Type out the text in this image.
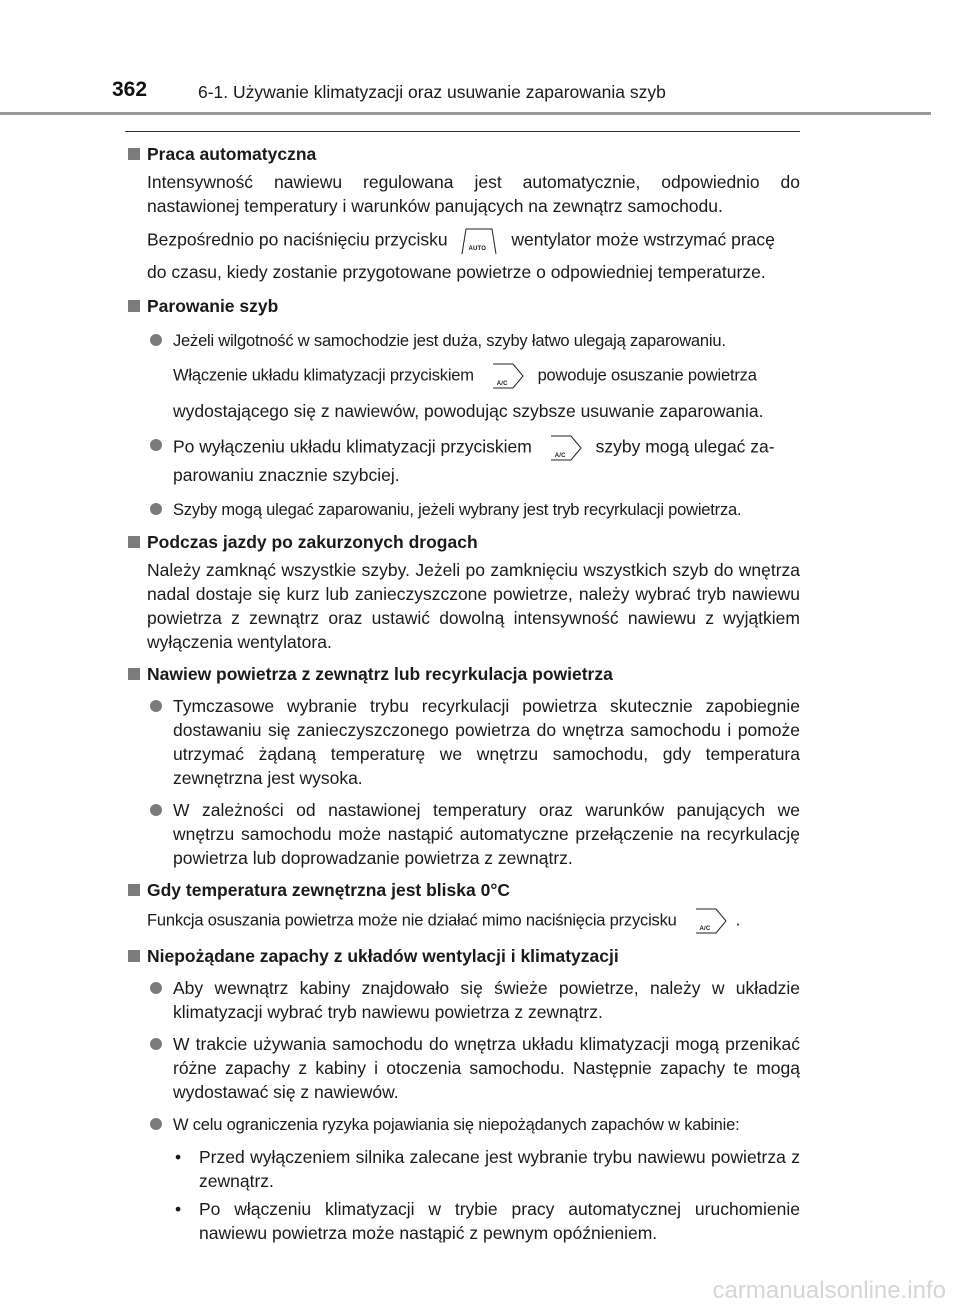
362	6-1. Używanie klimatyzacji oraz usuwanie zaparowania szyb

Praca automatyczna

Intensywność nawiewu regulowana jest automatycznie, odpowiednio do nastawionej temperatury i warunków panujących na zewnątrz samochodu.

Bezpośrednio po naciśnięciu przycisku	AUTO wentylator może wstrzymać pracę

do czasu, kiedy zostanie przygotowane powietrze o odpowiedniej temperaturze.

Parowanie szyb

Jeżeli wilgotność w samochodzie jest duża, szyby łatwo ulegają zaparowaniu.

Włączenie układu klimatyzacji przyciskiem	A/C powoduje osuszanie powietrza

wydostającego się z nawiewów, powodując szybsze usuwanie zaparowania.

Po wyłączeniu układu klimatyzacji przyciskiem	A/C szyby mogą ulegać za-

parowaniu znacznie szybciej.

Szyby mogą ulegać zaparowaniu, jeżeli wybrany jest tryb recyrkulacji powietrza.

Podczas jazdy po zakurzonych drogach

Należy zamknąć wszystkie szyby. Jeżeli po zamknięciu wszystkich szyb do wnętrza nadal dostaje się kurz lub zanieczyszczone powietrze, należy wybrać tryb nawiewu powietrza z zewnątrz oraz ustawić dowolną intensywność nawiewu z wyjątkiem wyłączenia wentylatora.

Nawiew powietrza z zewnątrz lub recyrkulacja powietrza

Tymczasowe wybranie trybu recyrkulacji powietrza skutecznie zapobiegnie dostawaniu się zanieczyszczonego powietrza do wnętrza samochodu i pomoże utrzymać żądaną temperaturę we wnętrzu samochodu, gdy temperatura zewnętrzna jest wysoka.

W zależności od nastawionej temperatury oraz warunków panujących we wnętrzu samochodu może nastąpić automatyczne przełączenie na recyrkulację powietrza lub doprowadzanie powietrza z zewnątrz.

Gdy temperatura zewnętrzna jest bliska 0°C

Funkcja osuszania powietrza może nie działać mimo naciśnięcia przycisku	A/C .

Niepożądane zapachy z układów wentylacji i klimatyzacji

Aby wewnątrz kabiny znajdowało się świeże powietrze, należy w układzie klimatyzacji wybrać tryb nawiewu powietrza z zewnątrz.

W trakcie używania samochodu do wnętrza układu klimatyzacji mogą przenikać różne zapachy z kabiny i otoczenia samochodu. Następnie zapachy te mogą wydostawać się z nawiewów.

W celu ograniczenia ryzyka pojawiania się niepożądanych zapachów w kabinie:

• Przed wyłączeniem silnika zalecane jest wybranie trybu nawiewu powietrza z zewnątrz.

• Po włączeniu klimatyzacji w trybie pracy automatycznej uruchomienie nawiewu powietrza może nastąpić z pewnym opóźnieniem.

carmanualsonline.info
